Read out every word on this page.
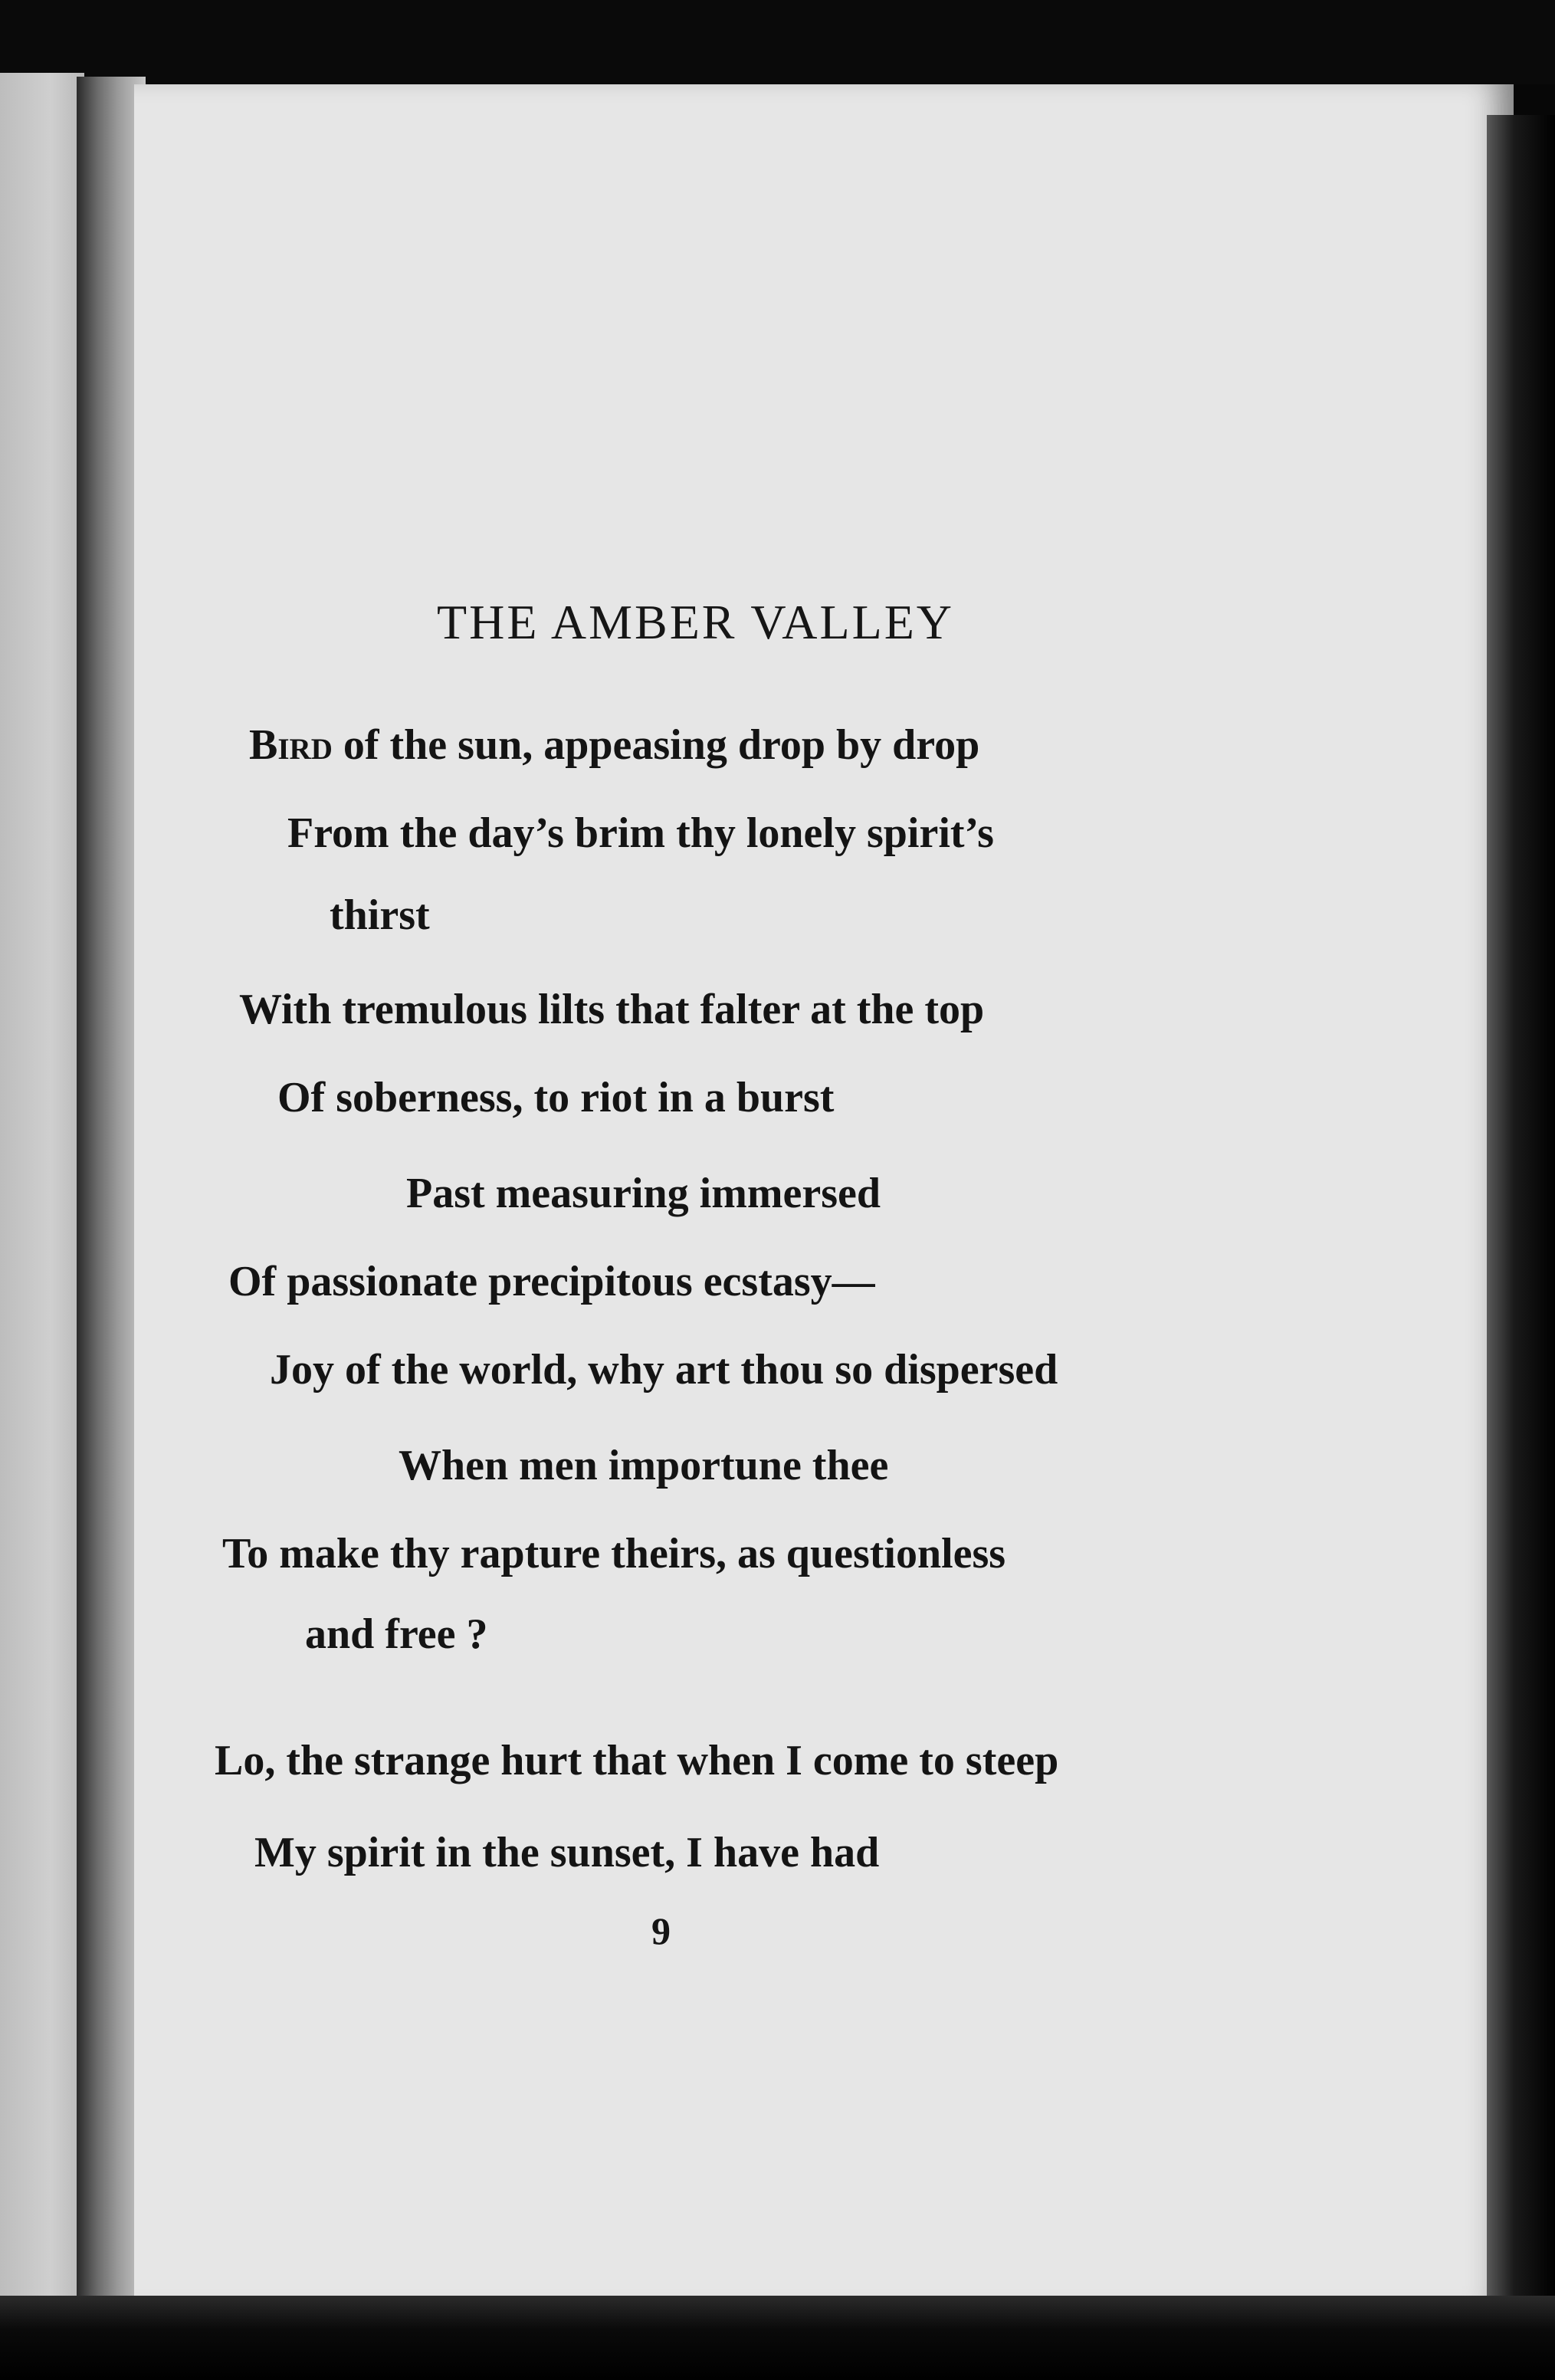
THE AMBER VALLEY
Bird of the sun, appeasing drop by drop
From the day’s brim thy lonely spirit’s
thirst
With tremulous lilts that falter at the top
Of soberness, to riot in a burst
Past measuring immersed
Of passionate precipitous ecstasy—
Joy of the world, why art thou so dispersed
When men importune thee
To make thy rapture theirs, as questionless
and free ?
Lo, the strange hurt that when I come to steep
My spirit in the sunset, I have had
9
